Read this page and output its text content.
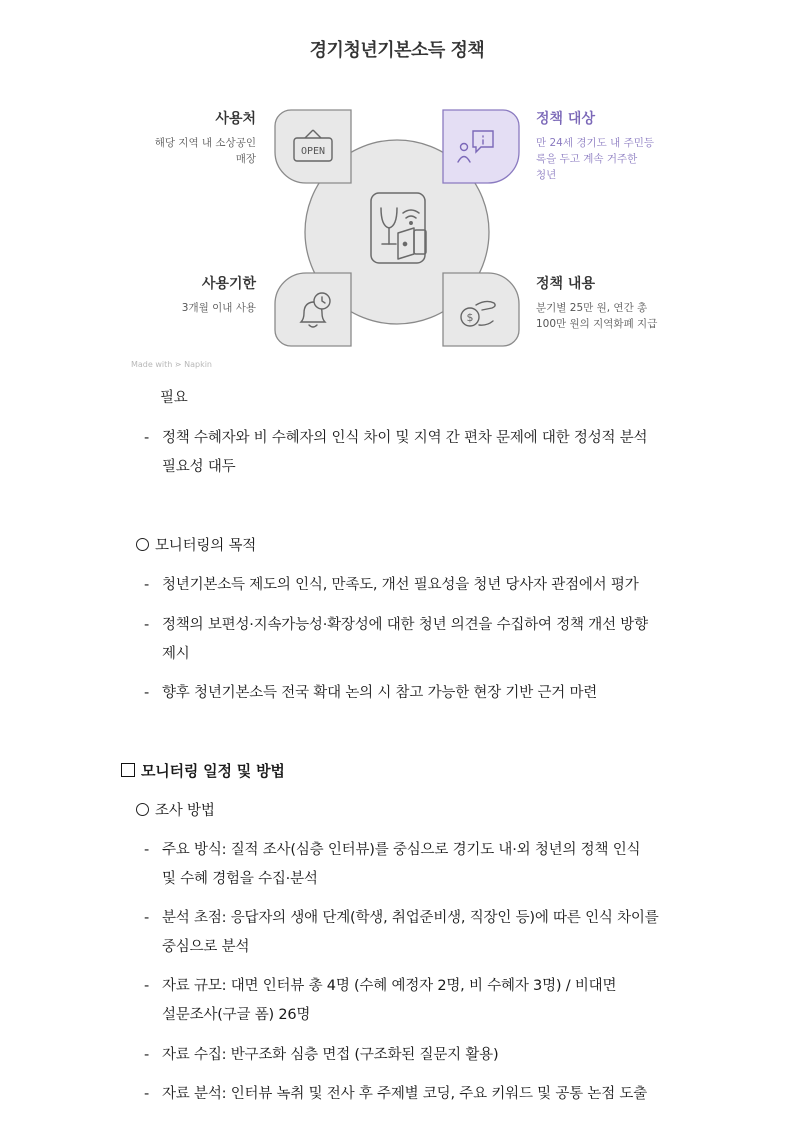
경기청년기본소득 정책
OPEN
$
사용처
해당 지역 내 소상공인
매장
정책 대상
만 24세 경기도 내 주민등
록을 두고 계속 거주한
청년
사용기한
3개월 이내 사용
정책 내용
분기별 25만 원, 연간 총
100만 원의 지역화폐 지급
Made with ⋗ Napkin
필요
- 정책 수혜자와 비 수혜자의 인식 차이 및 지역 간 편차 문제에 대한 정성적 분석
필요성 대두
모니터링의 목적
- 청년기본소득 제도의 인식, 만족도, 개선 필요성을 청년 당사자 관점에서 평가
- 정책의 보편성·지속가능성·확장성에 대한 청년 의견을 수집하여 정책 개선 방향
제시
- 향후 청년기본소득 전국 확대 논의 시 참고 가능한 현장 기반 근거 마련
모니터링 일정 및 방법
조사 방법
- 주요 방식: 질적 조사(심층 인터뷰)를 중심으로 경기도 내·외 청년의 정책 인식
및 수혜 경험을 수집·분석
- 분석 초점: 응답자의 생애 단계(학생, 취업준비생, 직장인 등)에 따른 인식 차이를
중심으로 분석
- 자료 규모: 대면 인터뷰 총 4명 (수혜 예정자 2명, 비 수혜자 3명) / 비대면
설문조사(구글 폼) 26명
- 자료 수집: 반구조화 심층 면접 (구조화된 질문지 활용)
- 자료 분석: 인터뷰 녹취 및 전사 후 주제별 코딩, 주요 키워드 및 공통 논점 도출
